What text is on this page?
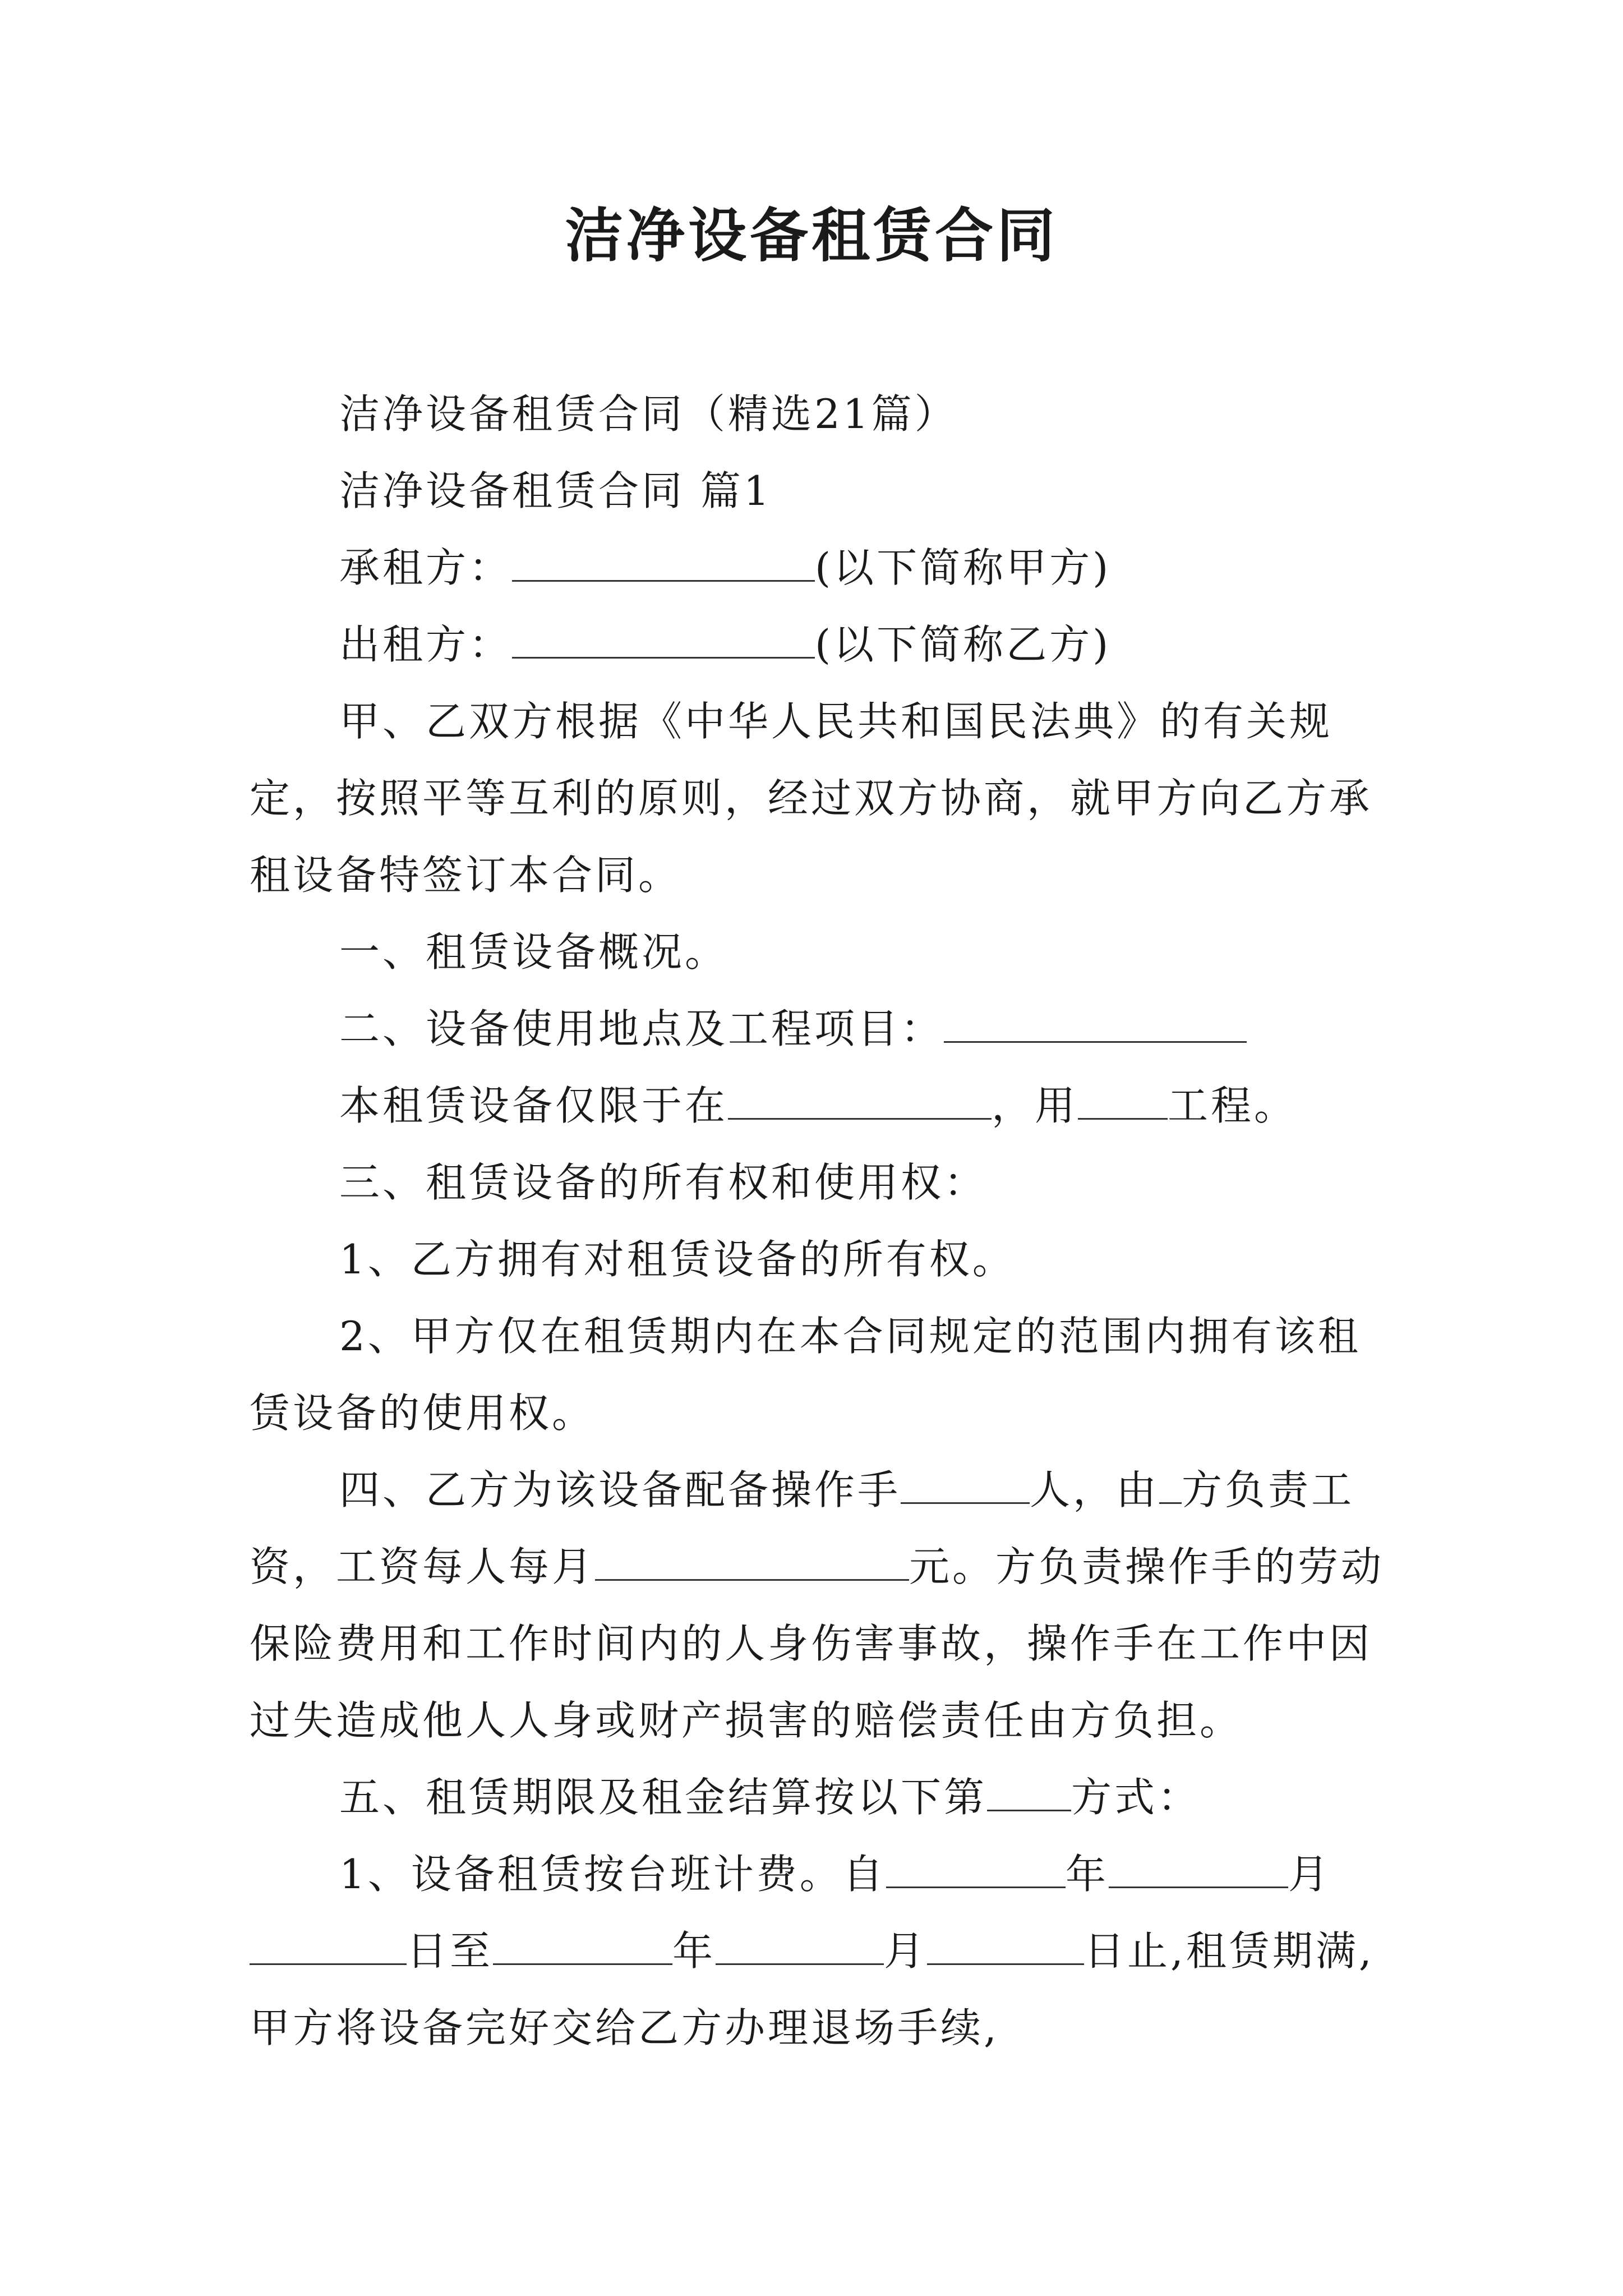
洁净设备租赁合同

洁净设备租赁合同（精选21篇）

洁净设备租赁合同 篇1

承租方：	(以下简称甲方)

出租方：	(以下简称乙方)

甲、乙双方根据《中华人民共和国民法典》的有关规定，按照平等互利的原则，经过双方协商，就甲方向乙方承租设备特签订本合同。

一、租赁设备概况。

二、设备使用地点及工程项目：

本租赁设备仅限于在	，用 工程。

三、租赁设备的所有权和使用权：

1、乙方拥有对租赁设备的所有权。

2、甲方仅在租赁期内在本合同规定的范围内拥有该租赁设备的使用权。

四、乙方为该设备配备操作手	人，由 方负责工资，工资每人每月	元。方负责操作手的劳动保险费用和工作时间内的人身伤害事故，操作手在工作中因过失造成他人人身或财产损害的赔偿责任由方负担。

五、租赁期限及租金结算按以下第 方式：

1、设备租赁按台班计费。自	年	月日至	年	月	日止,租赁期满,甲方将设备完好交给乙方办理退场手续,
